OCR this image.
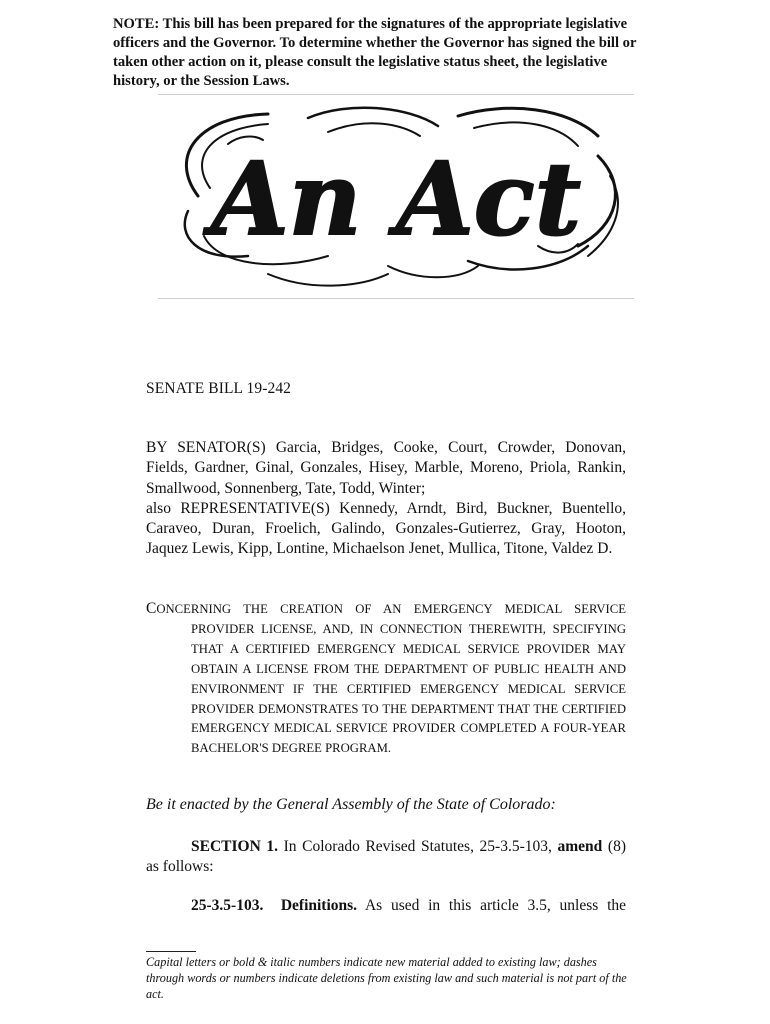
NOTE: This bill has been prepared for the signatures of the appropriate legislative officers and the Governor. To determine whether the Governor has signed the bill or taken other action on it, please consult the legislative status sheet, the legislative history, or the Session Laws.
An Act
SENATE BILL 19-242
BY SENATOR(S) Garcia, Bridges, Cooke, Court, Crowder, Donovan, Fields, Gardner, Ginal, Gonzales, Hisey, Marble, Moreno, Priola, Rankin, Smallwood, Sonnenberg, Tate, Todd, Winter;
also REPRESENTATIVE(S) Kennedy, Arndt, Bird, Buckner, Buentello, Caraveo, Duran, Froelich, Galindo, Gonzales-Gutierrez, Gray, Hooton, Jaquez Lewis, Kipp, Lontine, Michaelson Jenet, Mullica, Titone, Valdez D.
CONCERNING THE CREATION OF AN EMERGENCY MEDICAL SERVICE PROVIDER LICENSE, AND, IN CONNECTION THEREWITH, SPECIFYING THAT A CERTIFIED EMERGENCY MEDICAL SERVICE PROVIDER MAY OBTAIN A LICENSE FROM THE DEPARTMENT OF PUBLIC HEALTH AND ENVIRONMENT IF THE CERTIFIED EMERGENCY MEDICAL SERVICE PROVIDER DEMONSTRATES TO THE DEPARTMENT THAT THE CERTIFIED EMERGENCY MEDICAL SERVICE PROVIDER COMPLETED A FOUR-YEAR BACHELOR'S DEGREE PROGRAM.
Be it enacted by the General Assembly of the State of Colorado:
SECTION 1. In Colorado Revised Statutes, 25-3.5-103, amend (8) as follows:
25-3.5-103. Definitions. As used in this article 3.5, unless the
Capital letters or bold & italic numbers indicate new material added to existing law; dashes through words or numbers indicate deletions from existing law and such material is not part of the act.
